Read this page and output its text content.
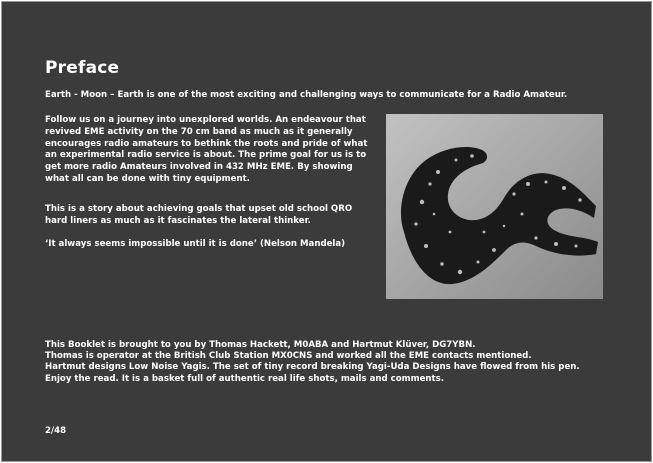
Preface
Earth - Moon – Earth is one of the most exciting and challenging ways to communicate for a Radio Amateur.
Follow us on a journey into unexplored worlds. An endeavour that revived EME activity on the 70 cm band as much as it generally encourages radio amateurs to bethink the roots and pride of what an experimental radio service is about. The prime goal for us is to get more radio Amateurs involved in 432 MHz EME. By showing what all can be done with tiny equipment.
This is a story about achieving goals that upset old school QRO hard liners as much as it fascinates the lateral thinker.
‘It always seems impossible until it is done’ (Nelson Mandela)
This Booklet is brought to you by Thomas Hackett, M0ABA and Hartmut Klüver, DG7YBN.
Thomas is operator at the British Club Station MX0CNS and worked all the EME contacts mentioned.
Hartmut designs Low Noise Yagis. The set of tiny record breaking Yagi-Uda Designs have flowed from his pen.
Enjoy the read. It is a basket full of authentic real life shots, mails and comments.
2/48
